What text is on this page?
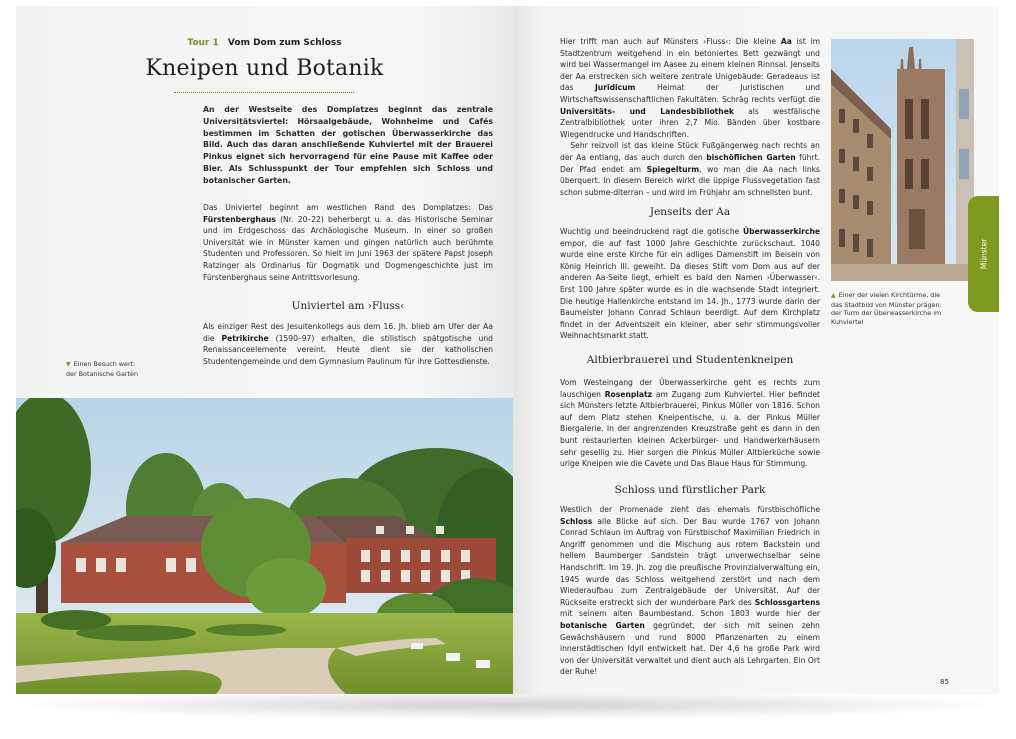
Tour 1 Vom Dom zum Schloss
Kneipen und Botanik

An der Westseite des Domplatzes beginnt das zentrale Universitätsviertel: Hörsaalgebäude, Wohnheime und Cafés bestimmen im Schatten der gotischen Überwasserkirche das Bild. Auch das daran anschließende Kuhviertel mit der Brauerei Pinkus eignet sich hervorragend für eine Pause mit Kaffee oder Bier. Als Schlusspunkt der Tour empfehlen sich Schloss und botanischer Garten.

Das Univiertel beginnt am westlichen Rand des Domplatzes: Das Fürstenberghaus (Nr. 20–22) beherbergt u. a. das Historische Seminar und im Erdgeschoss das Archäologische Museum. In einer so großen Universität wie in Münster kamen und gingen natürlich auch berühmte Studenten und Professoren. So hielt im Juni 1963 der spätere Papst Joseph Ratzinger als Ordinarius für Dogmatik und Dogmengeschichte just im Fürstenberghaus seine Antrittsvorlesung.

Univiertel am ›Fluss‹

Als einziger Rest des Jesuitenkollegs aus dem 16. Jh. blieb am Ufer der Aa die Petrikirche (1590–97) erhalten, die stilistisch spätgotische und Renaissanceelemente vereint. Heute dient sie der katholischen Studentengemeinde und dem Gymnasium Paulinum für ihre Gottesdienste.

▼ Einen Besuch wert:
der Botanische Garten

Hier trifft man auch auf Münsters ›Fluss‹: Die kleine Aa ist im Stadtzentrum weitgehend in ein betoniertes Bett gezwängt und wird bei Wassermangel im Aasee zu einem kleinen Rinnsal. Jenseits der Aa erstrecken sich weitere zentrale Unigebäude: Geradeaus ist das Juridicum Heimat der Juristischen und Wirtschaftswissenschaftlichen Fakultäten. Schräg rechts verfügt die Universitäts- und Landesbibliothek als westfälische Zentralbibliothek unter ihren 2,7 Mio. Bänden über kostbare Wiegendrucke und Handschriften.
Sehr reizvoll ist das kleine Stück Fußgängerweg nach rechts an der Aa entlang, das auch durch den bischöflichen Garten führt. Der Pfad endet am Spiegelturm, wo man die Aa nach links überquert. In diesem Bereich wirkt die üppige Flussvegetation fast schon subme-diterran – und wird im Frühjahr am schnellsten bunt.

Jenseits der Aa

Wuchtig und beeindruckend ragt die gotische Überwasserkirche empor, die auf fast 1000 Jahre Geschichte zurückschaut. 1040 wurde eine erste Kirche für ein adliges Damenstift im Beisein von König Heinrich III. geweiht. Da dieses Stift vom Dom aus auf der anderen Aa-Seite liegt, erhielt es bald den Namen ›Überwasser‹. Erst 100 Jahre später wurde es in die wachsende Stadt integriert. Die heutige Hallenkirche entstand im 14. Jh., 1773 wurde darin der Baumeister Johann Conrad Schlaun beerdigt. Auf dem Kirchplatz findet in der Adventszeit ein kleiner, aber sehr stimmungsvoller Weihnachtsmarkt statt.

Altbierbrauerei und Studentenkneipen

Vom Westeingang der Überwasserkirche geht es rechts zum lauschigen Rosenplatz am Zugang zum Kuhviertel. Hier befindet sich Münsters letzte Altbierbrauerei, Pinkus Müller von 1816. Schon auf dem Platz stehen Kneipentische, u. a. der Pinkus Müller Biergalerie. In der angrenzenden Kreuzstraße geht es dann in den bunt restaurierten kleinen Ackerbürger- und Handwerkerhäusern sehr gesellig zu. Hier sorgen die Pinkus Müller Altbierküche sowie urige Kneipen wie die Cavete und Das Blaue Haus für Stimmung.

Schloss und fürstlicher Park

Westlich der Promenade zieht das ehemals fürstbischöfliche Schloss alle Blicke auf sich. Der Bau wurde 1767 von Johann Conrad Schlaun im Auftrag von Fürstbischof Maximilian Friedrich in Angriff genommen und die Mischung aus rotem Backstein und hellem Baumberger Sandstein trägt unverwechselbar seine Handschrift. Im 19. Jh. zog die preußische Provinzialverwaltung ein, 1945 wurde das Schloss weitgehend zerstört und nach dem Wiederaufbau zum Zentralgebäude der Universität. Auf der Rückseite erstreckt sich der wunderbare Park des Schlossgartens mit seinem alten Baumbestand. Schon 1803 wurde hier der botanische Garten gegründet, der sich mit seinen zehn Gewächshäusern und rund 8000 Pflanzenarten zu einem innerstädtischen Idyll entwickelt hat. Der 4,6 ha große Park wird von der Universität verwaltet und dient auch als Lehrgarten. Ein Ort der Ruhe!

▲ Einer der vielen Kirchtürme, die
das Stadtbild von Münster prägen:
der Turm der Überwasserkirche im
Kuhviertel
Münster
85
